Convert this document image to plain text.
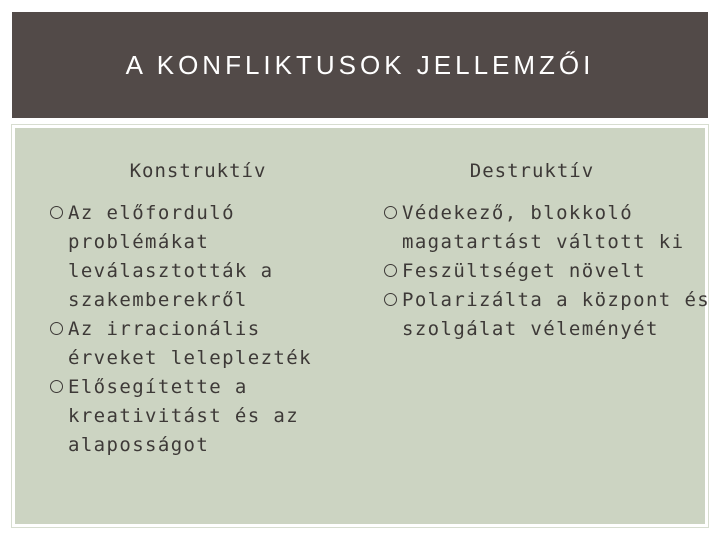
A KONFLIKTUSOK JELLEMZŐI
Konstruktív
Az előforduló problémákat leválasztották a szakemberekről
Az irracionális érveket leleplezték
Elősegítette a kreativitást és az alaposságot
Destruktív
Védekező, blokkoló magatartást váltott ki
Feszültséget növelt
Polarizálta a központ és szolgálat véleményét
